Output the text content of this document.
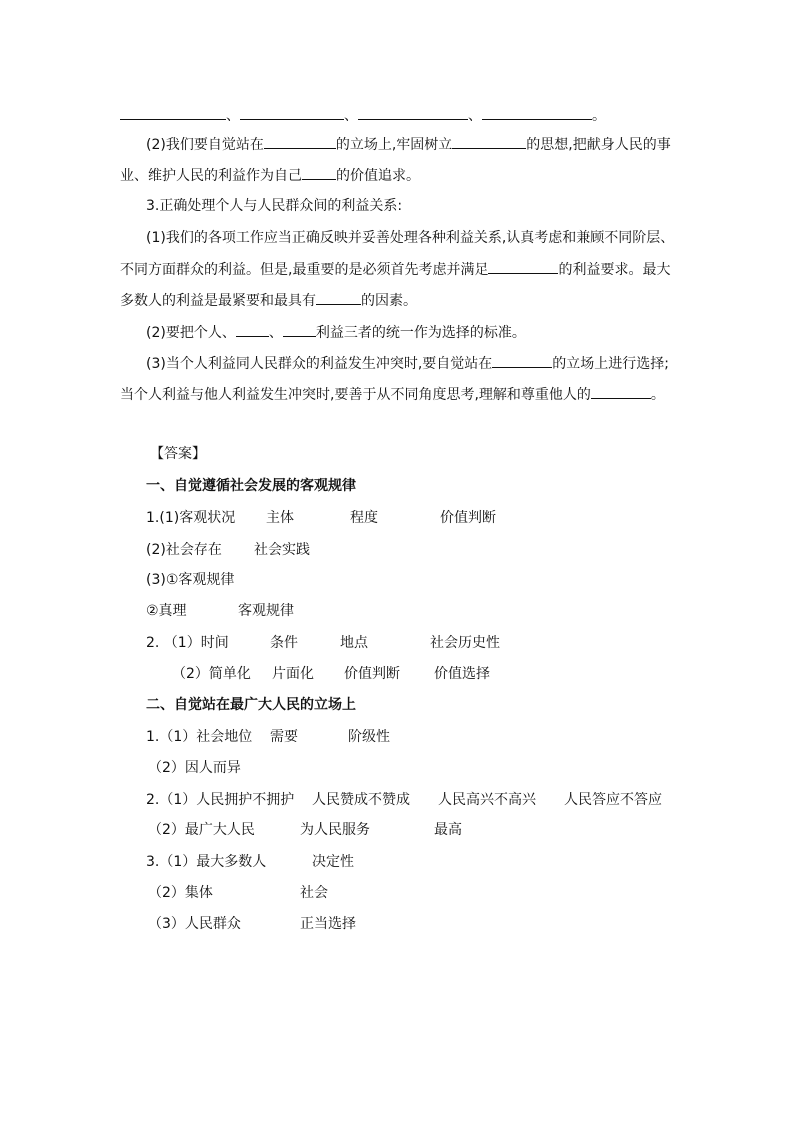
、	、	、	。
(2)我们要自觉站在	的立场上,牢固树立	的思想,把献身人民的事
业、维护人民的利益作为自己 的价值追求。
3.正确处理个人与人民群众间的利益关系:
(1)我们的各项工作应当正确反映并妥善处理各种利益关系,认真考虑和兼顾不同阶层、
不同方面群众的利益。但是,最重要的是必须首先考虑并满足	的利益要求。最大
多数人的利益是最紧要和最具有	的因素。
(2)要把个人、 、 利益三者的统一作为选择的标准。
(3)当个人利益同人民群众的利益发生冲突时,要自觉站在	的立场上进行选择;
当个人利益与他人利益发生冲突时,要善于从不同角度思考,理解和尊重他人的	。
【答案】
一、自觉遵循社会发展的客观规律
1.(1)客观状况 主体	程度	价值判断
(2)社会存在 社会实践
(3)①客观规律
②真理	客观规律
2. （1）时间	条件	地点	社会历史性
（2）简单化 片面化 价值判断 价值选择
二、自觉站在最广大人民的立场上
1.（1）社会地位 需要	阶级性
（2）因人而异
2.（1）人民拥护不拥护 人民赞成不赞成 人民高兴不高兴 人民答应不答应
（2）最广大人民	为人民服务	最高
3.（1）最大多数人	决定性
（2）集体	社会
（3）人民群众	正当选择
